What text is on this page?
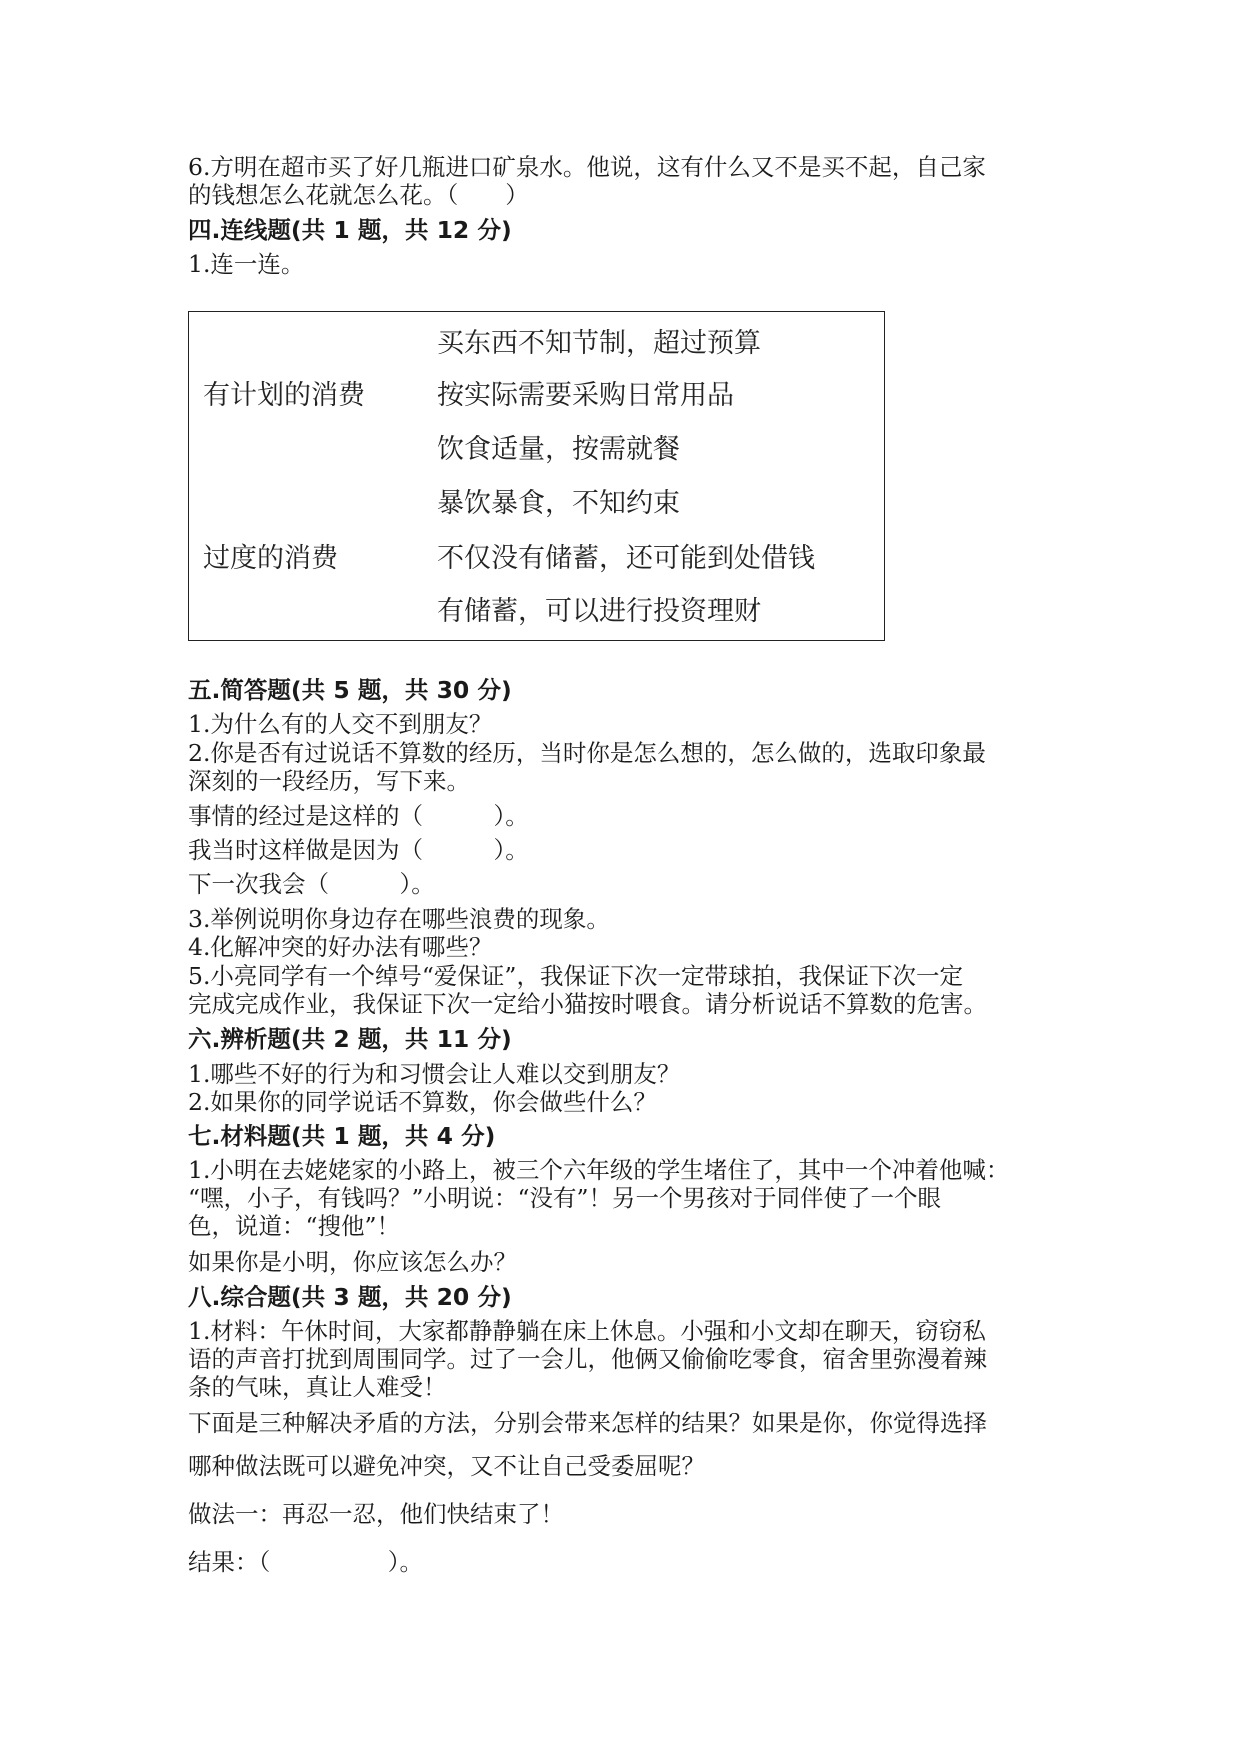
6.方明在超市买了好几瓶进口矿泉水。他说，这有什么又不是买不起，自己家
的钱想怎么花就怎么花。（　　）
四.连线题(共 1 题，共 12 分)
1.连一连。
有计划的消费
过度的消费
买东西不知节制，超过预算
按实际需要采购日常用品
饮食适量，按需就餐
暴饮暴食，不知约束
不仅没有储蓄，还可能到处借钱
有储蓄，可以进行投资理财
五.简答题(共 5 题，共 30 分)
1.为什么有的人交不到朋友？
2.你是否有过说话不算数的经历，当时你是怎么想的，怎么做的，选取印象最
深刻的一段经历，写下来。
事情的经过是这样的（　　　）。
我当时这样做是因为（　　　）。
下一次我会（　　　）。
3.举例说明你身边存在哪些浪费的现象。
4.化解冲突的好办法有哪些？
5.小亮同学有一个绰号“爱保证”，我保证下次一定带球拍，我保证下次一定
完成完成作业，我保证下次一定给小猫按时喂食。请分析说话不算数的危害。
六.辨析题(共 2 题，共 11 分)
1.哪些不好的行为和习惯会让人难以交到朋友？
2.如果你的同学说话不算数，你会做些什么？
七.材料题(共 1 题，共 4 分)
1.小明在去姥姥家的小路上，被三个六年级的学生堵住了，其中一个冲着他喊：
“嘿，小子，有钱吗？”小明说：“没有”！另一个男孩对于同伴使了一个眼
色，说道：“搜他”！
如果你是小明，你应该怎么办？
八.综合题(共 3 题，共 20 分)
1.材料：午休时间，大家都静静躺在床上休息。小强和小文却在聊天，窃窃私
语的声音打扰到周围同学。过了一会儿，他俩又偷偷吃零食，宿舍里弥漫着辣
条的气味，真让人难受！
下面是三种解决矛盾的方法，分别会带来怎样的结果？如果是你，你觉得选择
哪种做法既可以避免冲突，又不让自己受委屈呢？
做法一：再忍一忍，他们快结束了！
结果：（　　　　　）。
